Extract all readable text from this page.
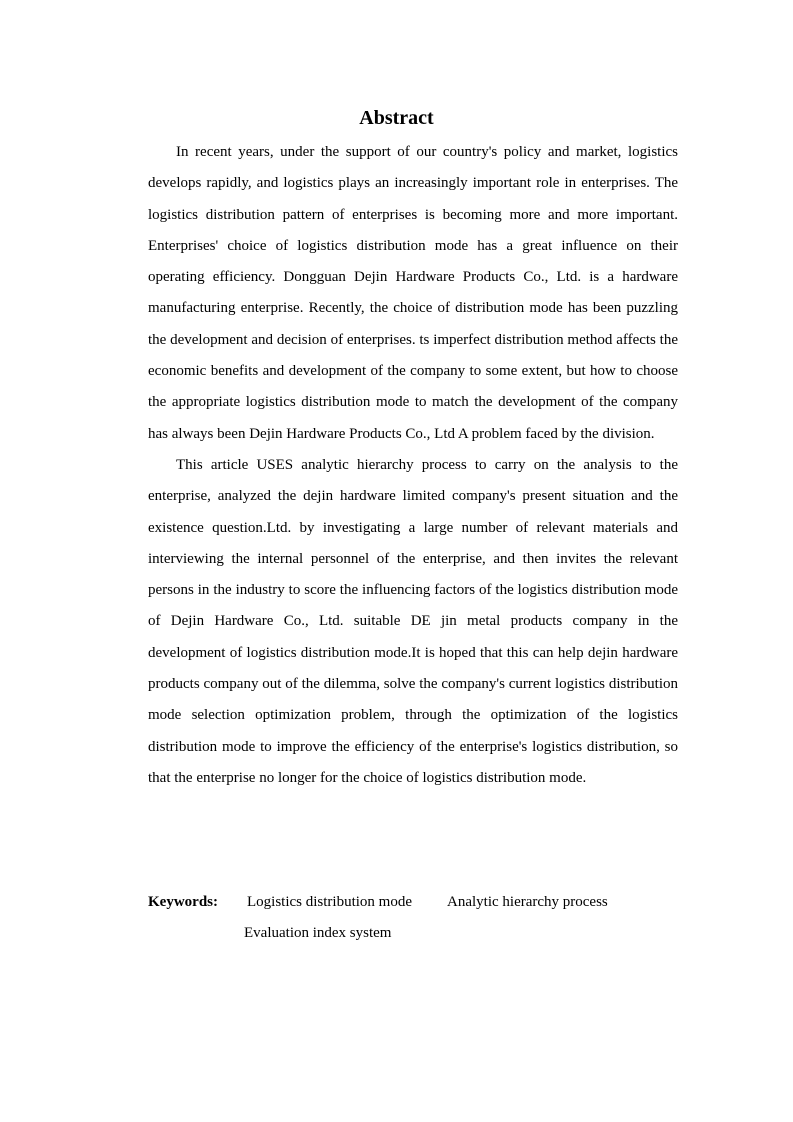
Abstract

In recent years, under the support of our country's policy and market, logistics develops rapidly, and logistics plays an increasingly important role in enterprises. The logistics distribution pattern of enterprises is becoming more and more important. Enterprises' choice of logistics distribution mode has a great influence on their operating efficiency. Dongguan Dejin Hardware Products Co., Ltd. is a hardware manufacturing enterprise. Recently, the choice of distribution mode has been puzzling the development and decision of enterprises. ts imperfect distribution method affects the economic benefits and development of the company to some extent, but how to choose the appropriate logistics distribution mode to match the development of the company has always been Dejin Hardware Products Co., Ltd A problem faced by the division.

This article USES analytic hierarchy process to carry on the analysis to the enterprise, analyzed the dejin hardware limited company's present situation and the existence question.Ltd. by investigating a large number of relevant materials and interviewing the internal personnel of the enterprise, and then invites the relevant persons in the industry to score the influencing factors of the logistics distribution mode of Dejin Hardware Co., Ltd. suitable DE jin metal products company in the development of logistics distribution mode.It is hoped that this can help dejin hardware products company out of the dilemma, solve the company's current logistics distribution mode selection optimization problem, through the optimization of the logistics distribution mode to improve the efficiency of the enterprise's logistics distribution, so that the enterprise no longer for the choice of logistics distribution mode.

Keywords: Logistics distribution mode Analytic hierarchy process
Evaluation index system
